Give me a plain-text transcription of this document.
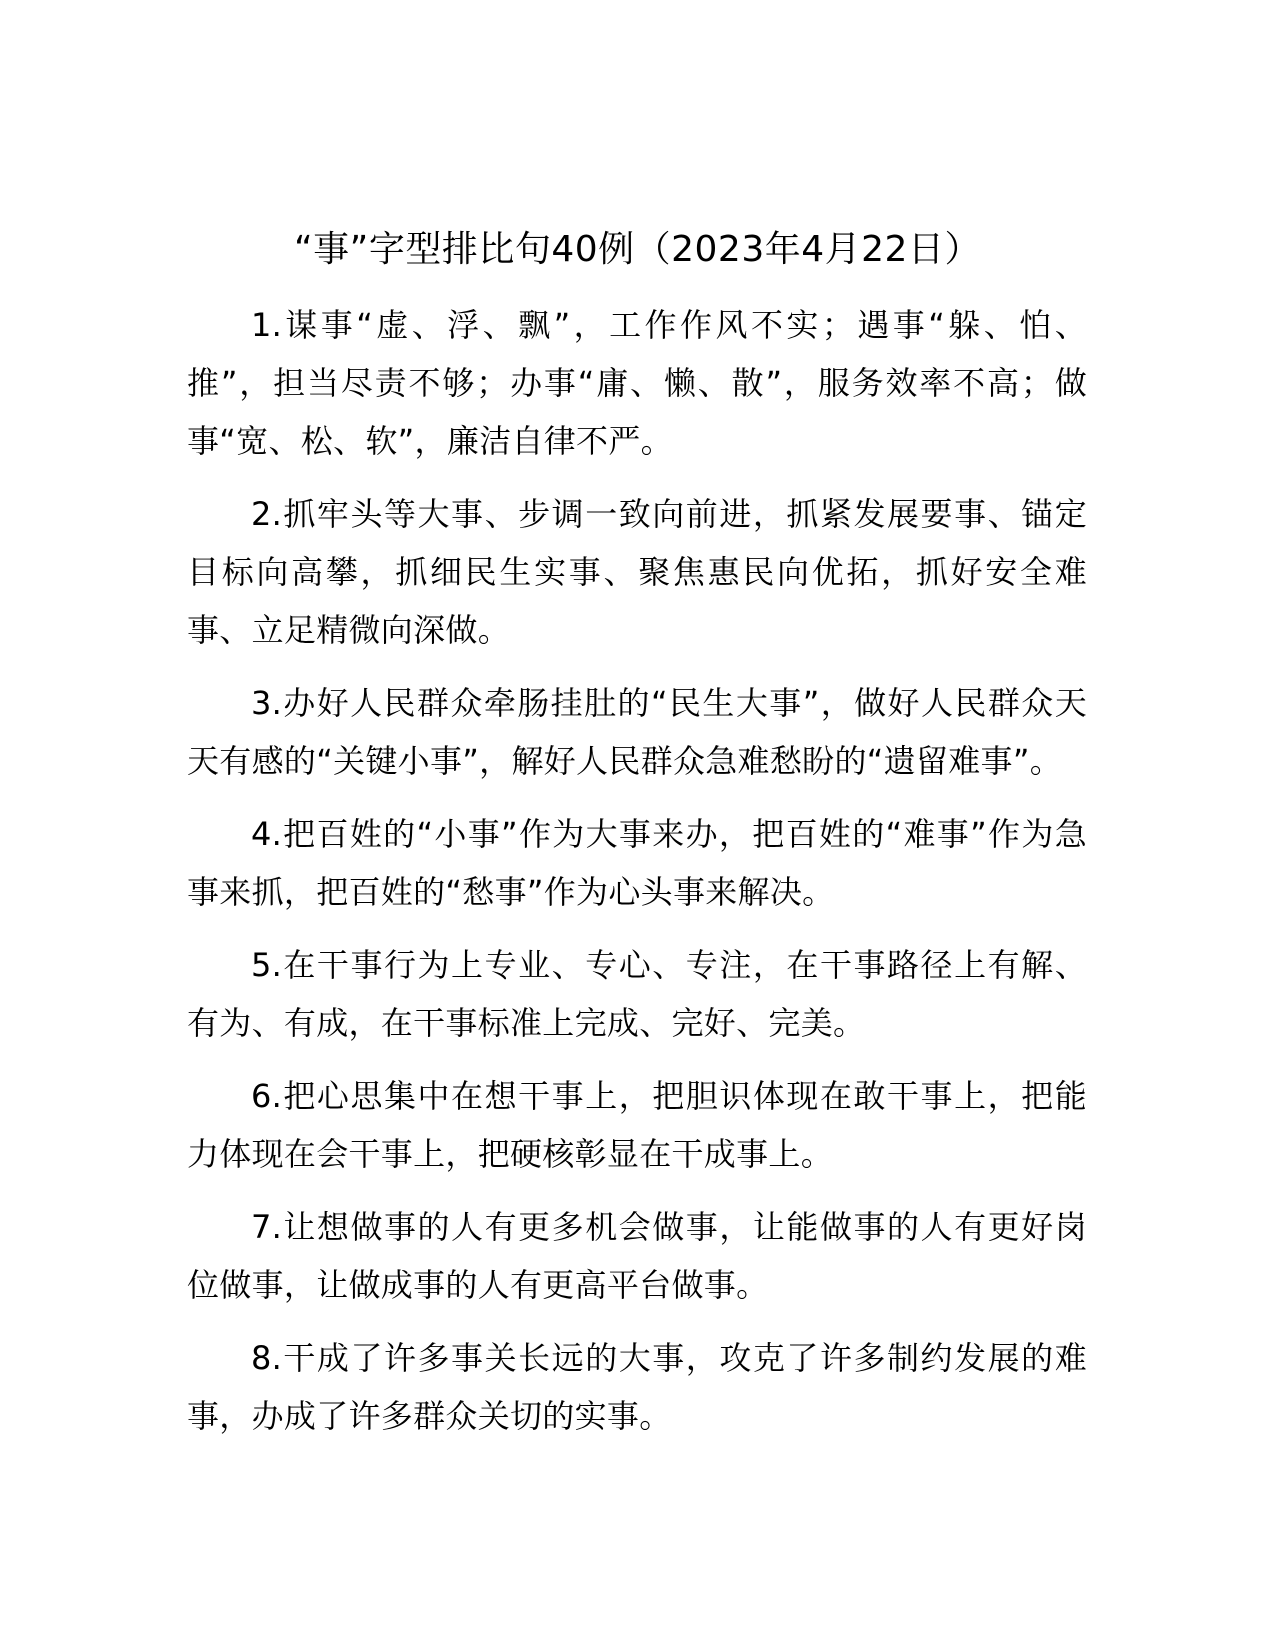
“事”字型排比句40例（2023年4月22日）

1.谋事“虚、浮、飘”，工作作风不实；遇事“躲、怕、推”，担当尽责不够；办事“庸、懒、散”，服务效率不高；做事“宽、松、软”，廉洁自律不严。

2.抓牢头等大事、步调一致向前进，抓紧发展要事、锚定目标向高攀，抓细民生实事、聚焦惠民向优拓，抓好安全难事、立足精微向深做。

3.办好人民群众牵肠挂肚的“民生大事”，做好人民群众天天有感的“关键小事”，解好人民群众急难愁盼的“遗留难事”。

4.把百姓的“小事”作为大事来办，把百姓的“难事”作为急事来抓，把百姓的“愁事”作为心头事来解决。

5.在干事行为上专业、专心、专注，在干事路径上有解、有为、有成，在干事标准上完成、完好、完美。

6.把心思集中在想干事上，把胆识体现在敢干事上，把能力体现在会干事上，把硬核彰显在干成事上。

7.让想做事的人有更多机会做事，让能做事的人有更好岗位做事，让做成事的人有更高平台做事。

8.干成了许多事关长远的大事，攻克了许多制约发展的难事，办成了许多群众关切的实事。
